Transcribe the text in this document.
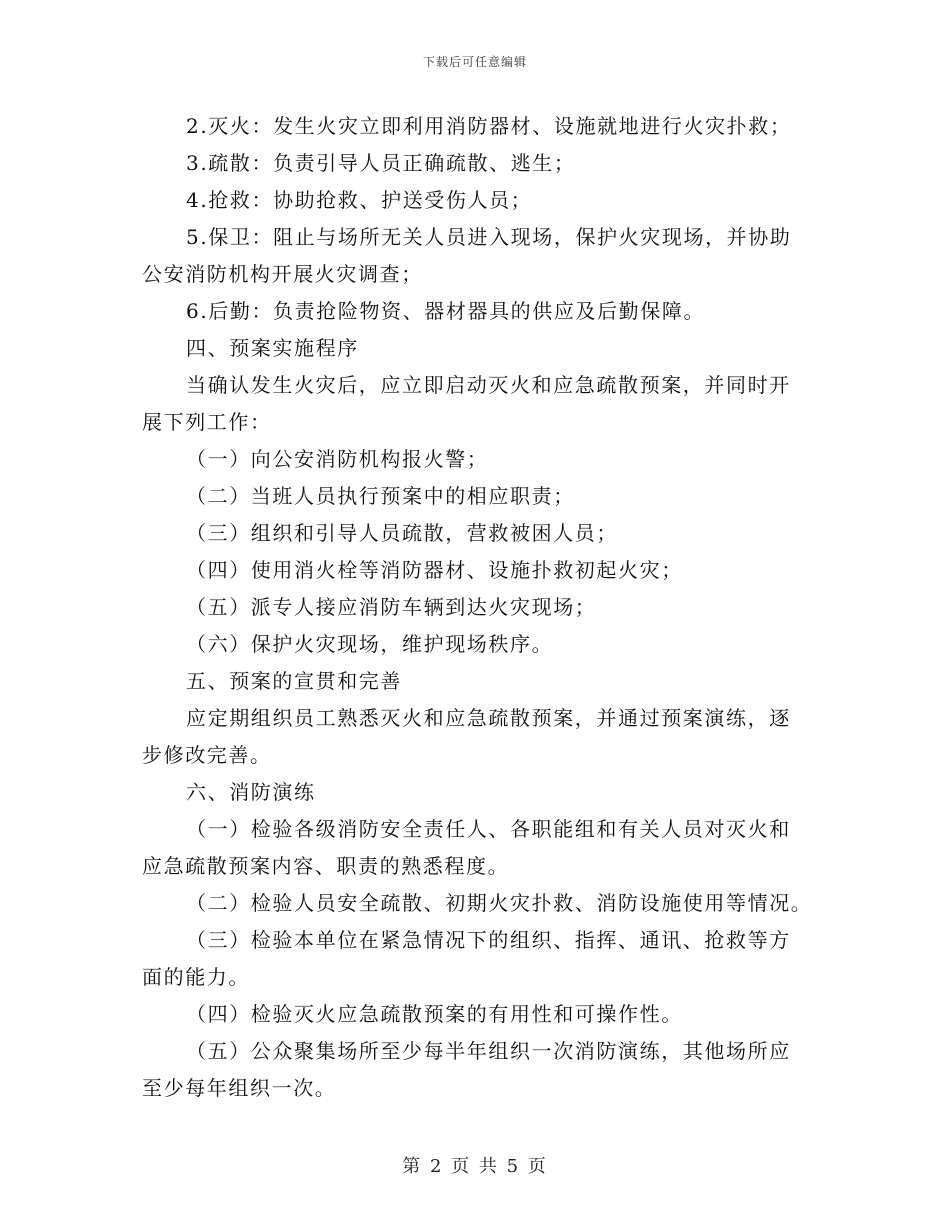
下载后可任意编辑
2.灭火：发生火灾立即利用消防器材、设施就地进行火灾扑救；
3.疏散：负责引导人员正确疏散、逃生；
4.抢救：协助抢救、护送受伤人员；
5.保卫：阻止与场所无关人员进入现场，保护火灾现场，并协助
公安消防机构开展火灾调查；
6.后勤：负责抢险物资、器材器具的供应及后勤保障。
四、预案实施程序
当确认发生火灾后，应立即启动灭火和应急疏散预案，并同时开
展下列工作：
（一）向公安消防机构报火警；
（二）当班人员执行预案中的相应职责；
（三）组织和引导人员疏散，营救被困人员；
（四）使用消火栓等消防器材、设施扑救初起火灾；
（五）派专人接应消防车辆到达火灾现场；
（六）保护火灾现场，维护现场秩序。
五、预案的宣贯和完善
应定期组织员工熟悉灭火和应急疏散预案，并通过预案演练，逐
步修改完善。
六、消防演练
（一）检验各级消防安全责任人、各职能组和有关人员对灭火和
应急疏散预案内容、职责的熟悉程度。
（二）检验人员安全疏散、初期火灾扑救、消防设施使用等情况。
（三）检验本单位在紧急情况下的组织、指挥、通讯、抢救等方
面的能力。
（四）检验灭火应急疏散预案的有用性和可操作性。
（五）公众聚集场所至少每半年组织一次消防演练，其他场所应
至少每年组织一次。
第 2 页 共 5 页
